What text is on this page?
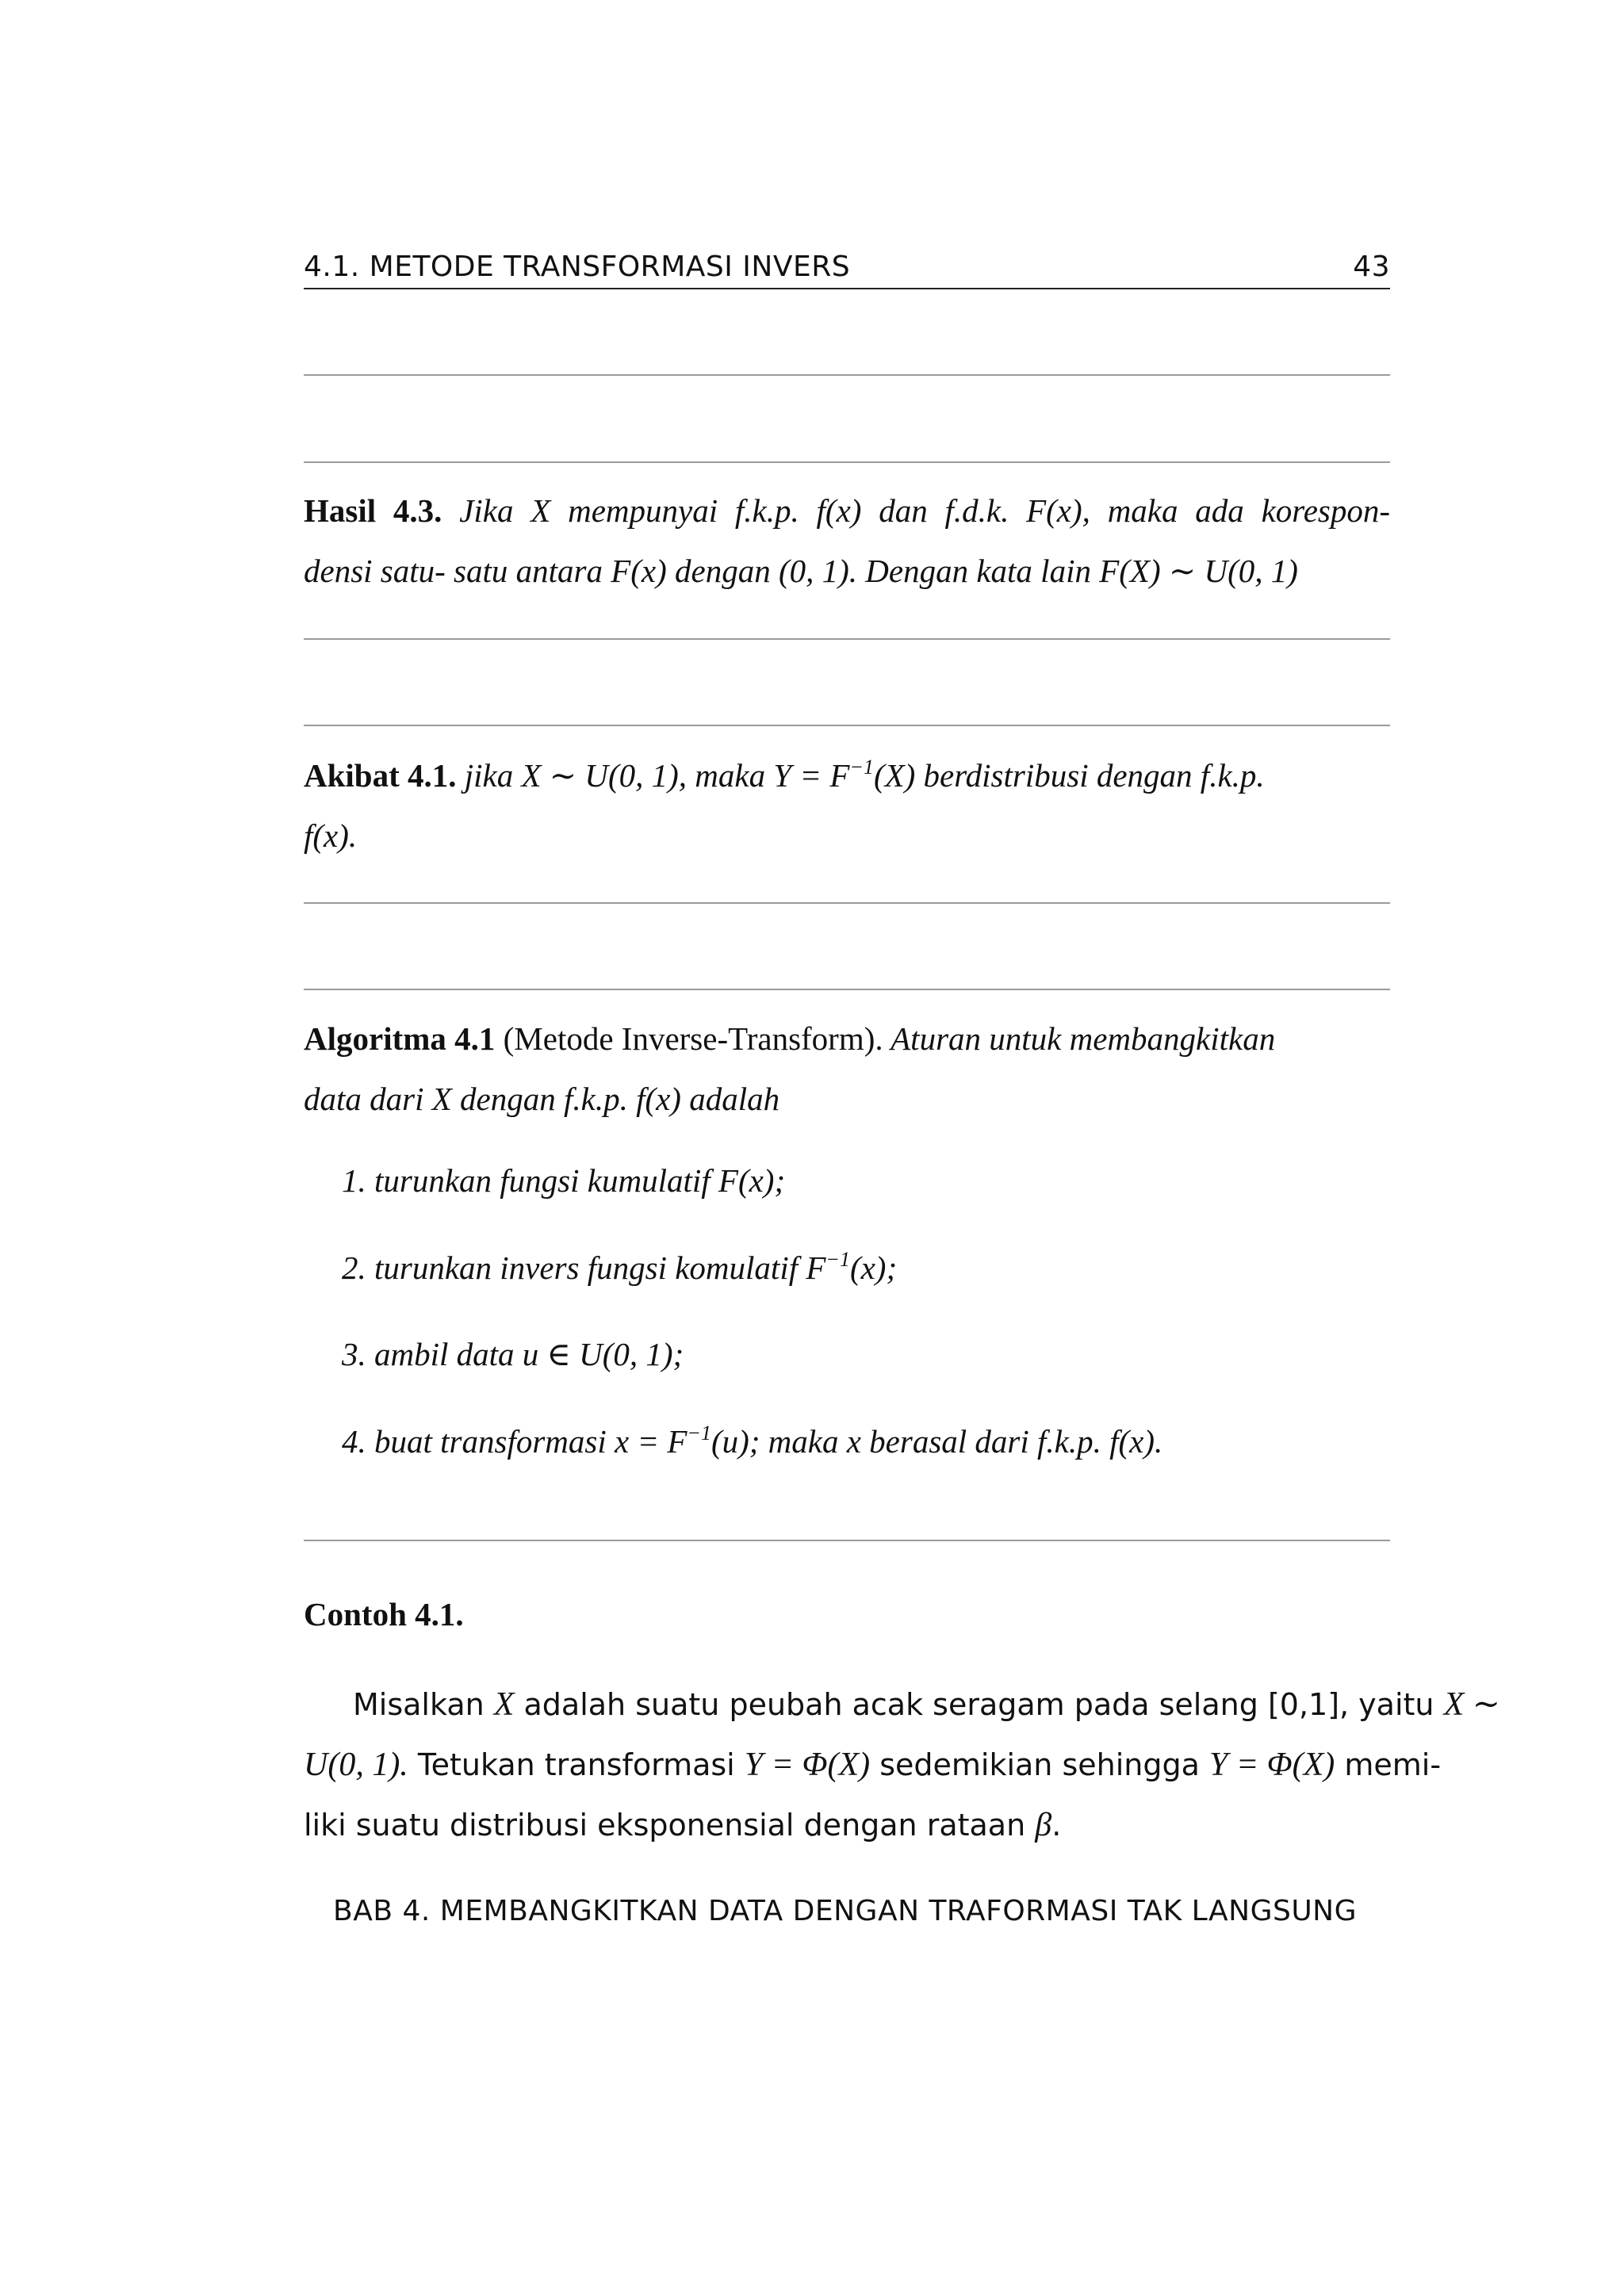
4.1. METODE TRANSFORMASI INVERS	43
Hasil 4.3. Jika X mempunyai f.k.p. f(x) dan f.d.k. F(x), maka ada korespon-
densi satu- satu antara F(x) dengan (0, 1). Dengan kata lain F(X) ∼ U(0, 1)
Akibat 4.1. jika X ∼ U(0, 1), maka $Y = F^{-1}(X)$ berdistribusi dengan f.k.p.
f(x).
Algoritma 4.1 (Metode Inverse-Transform). Aturan untuk membangkitkan
data dari X dengan f.k.p. f(x) adalah
1. turunkan fungsi kumulatif F(x);
2. turunkan invers fungsi komulatif $F^{-1}(x)$;
3. ambil data u ∈ U(0, 1);
4. buat transformasi $x = F^{-1}(u)$; maka x berasal dari f.k.p. f(x).
Contoh 4.1.
Misalkan X adalah suatu peubah acak seragam pada selang [0,1], yaitu X ∼
U(0, 1). Tetukan transformasi Y = Φ(X) sedemikian sehingga Y = Φ(X) memi-
liki suatu distribusi eksponensial dengan rataan β.
BAB 4. MEMBANGKITKAN DATA DENGAN TRAFORMASI TAK LANGSUNG
